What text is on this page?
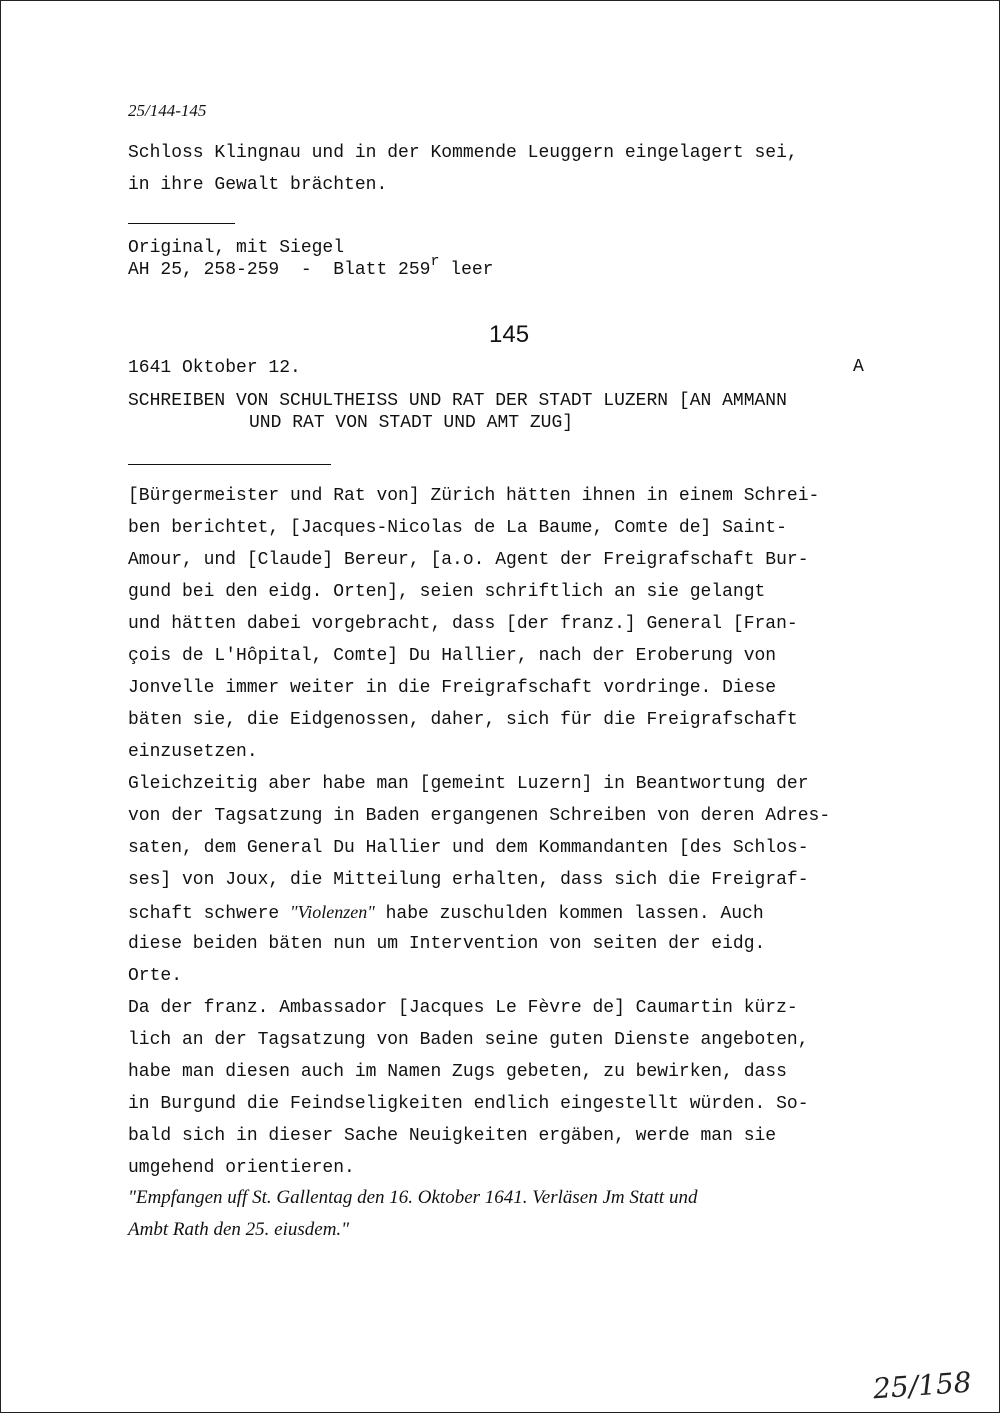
25/144-145
Schloss Klingnau und in der Kommende Leuggern eingelagert sei,
in ihre Gewalt brächten.
Original, mit Siegel
AH 25, 258-259  -  Blatt 259$^r$ leer
145
1641 Oktober 12.	A
SCHREIBEN VON SCHULTHEISS UND RAT DER STADT LUZERN [AN AMMANN
UND RAT VON STADT UND AMT ZUG]
[Bürgermeister und Rat von] Zürich hätten ihnen in einem Schrei-
ben berichtet, [Jacques-Nicolas de La Baume, Comte de] Saint-
Amour, und [Claude] Bereur, [a.o. Agent der Freigrafschaft Bur-
gund bei den eidg. Orten], seien schriftlich an sie gelangt
und hätten dabei vorgebracht, dass [der franz.] General [Fran-
çois de L'Hôpital, Comte] Du Hallier, nach der Eroberung von
Jonvelle immer weiter in die Freigrafschaft vordringe. Diese
bäten sie, die Eidgenossen, daher, sich für die Freigrafschaft
einzusetzen.
Gleichzeitig aber habe man [gemeint Luzern] in Beantwortung der
von der Tagsatzung in Baden ergangenen Schreiben von deren Adres-
saten, dem General Du Hallier und dem Kommandanten [des Schlos-
ses] von Joux, die Mitteilung erhalten, dass sich die Freigraf-
schaft schwere "Violenzen" habe zuschulden kommen lassen. Auch
diese beiden bäten nun um Intervention von seiten der eidg.
Orte.
Da der franz. Ambassador [Jacques Le Fèvre de] Caumartin kürz-
lich an der Tagsatzung von Baden seine guten Dienste angeboten,
habe man diesen auch im Namen Zugs gebeten, zu bewirken, dass
in Burgund die Feindseligkeiten endlich eingestellt würden. So-
bald sich in dieser Sache Neuigkeiten ergäben, werde man sie
umgehend orientieren.
"Empfangen uff St. Gallentag den 16. Oktober 1641. Verläsen Jm Statt und
Ambt Rath den 25. eiusdem."
25/158
